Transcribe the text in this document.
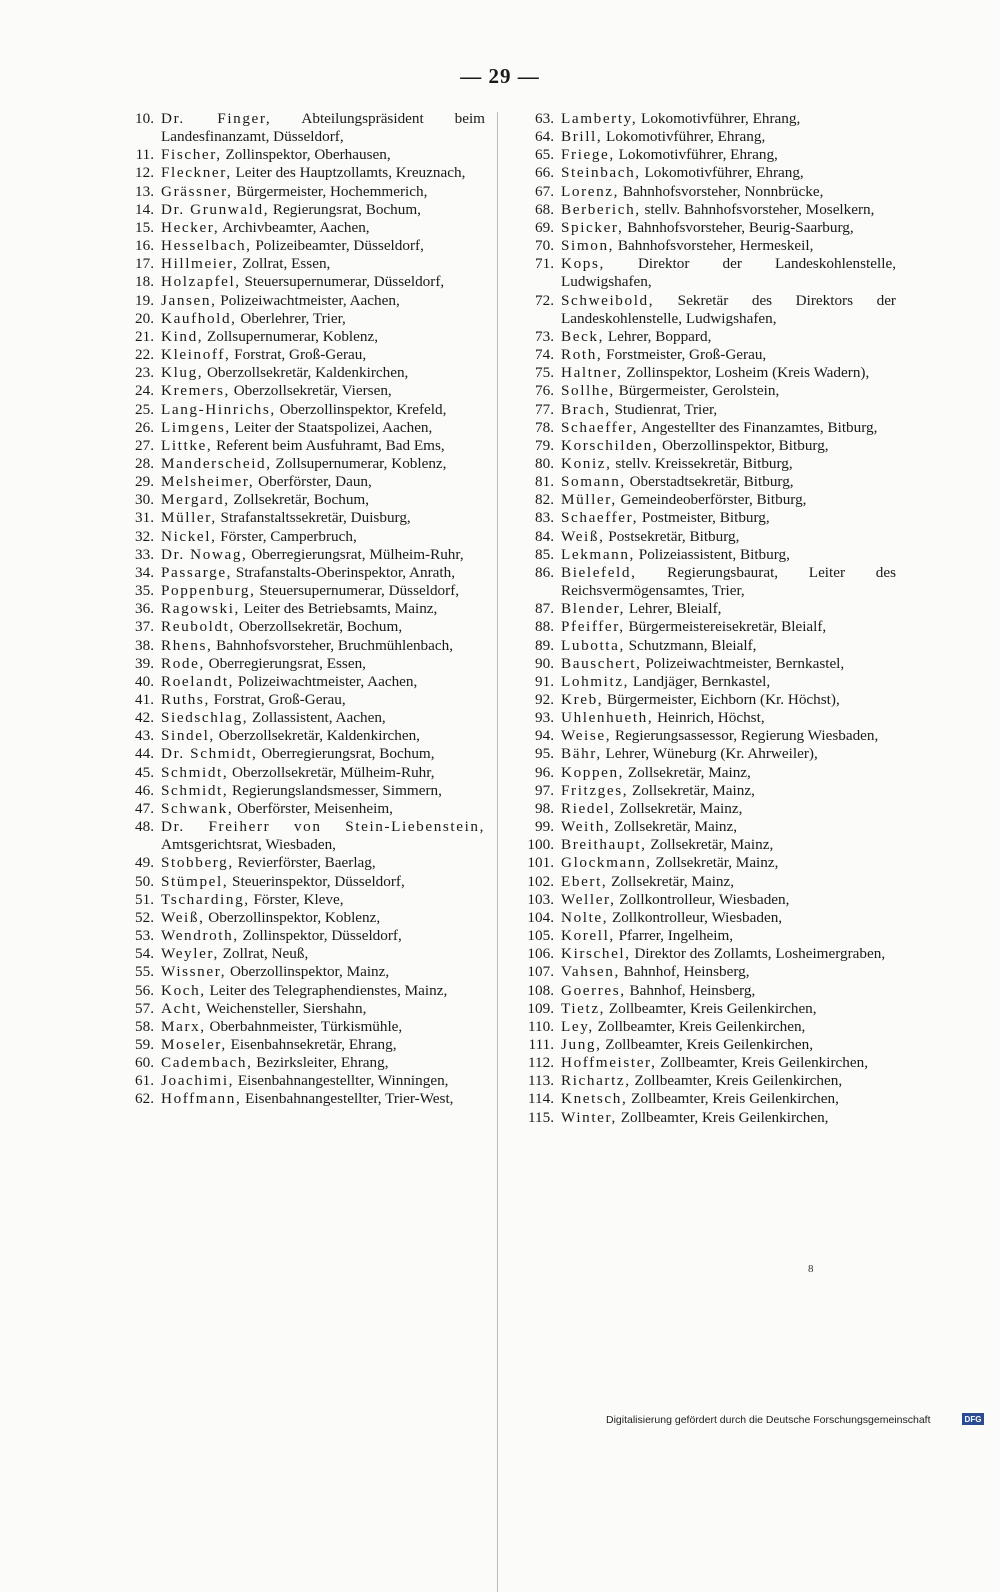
— 29 —
10. Dr. Finger, Abteilungspräsident beim Landesfinanzamt, Düsseldorf,
11. Fischer, Zollinspektor, Oberhausen,
12. Fleckner, Leiter des Hauptzollamts, Kreuznach,
13. Grässner, Bürgermeister, Hochemmerich,
14. Dr. Grunwald, Regierungsrat, Bochum,
15. Hecker, Archivbeamter, Aachen,
16. Hesselbach, Polizeibeamter, Düsseldorf,
17. Hillmeier, Zollrat, Essen,
18. Holzapfel, Steuersupernumerar, Düsseldorf,
19. Jansen, Polizeiwachtmeister, Aachen,
20. Kaufhold, Oberlehrer, Trier,
21. Kind, Zollsupernumerar, Koblenz,
22. Kleinoff, Forstrat, Groß-Gerau,
23. Klug, Oberzollsekretär, Kaldenkirchen,
24. Kremers, Oberzollsekretär, Viersen,
25. Lang-Hinrichs, Oberzollinspektor, Krefeld,
26. Limgens, Leiter der Staatspolizei, Aachen,
27. Littke, Referent beim Ausfuhramt, Bad Ems,
28. Manderscheid, Zollsupernumerar, Koblenz,
29. Melsheimer, Oberförster, Daun,
30. Mergard, Zollsekretär, Bochum,
31. Müller, Strafanstaltssekretär, Duisburg,
32. Nickel, Förster, Camperbruch,
33. Dr. Nowag, Oberregierungsrat, Mülheim-Ruhr,
34. Passarge, Strafanstalts-Oberinspektor, Anrath,
35. Poppenburg, Steuersupernumerar, Düsseldorf,
36. Ragowski, Leiter des Betriebsamts, Mainz,
37. Reuboldt, Oberzollsekretär, Bochum,
38. Rhens, Bahnhofsvorsteher, Bruchmühlenbach,
39. Rode, Oberregierungsrat, Essen,
40. Roelandt, Polizeiwachtmeister, Aachen,
41. Ruths, Forstrat, Groß-Gerau,
42. Siedschlag, Zollassistent, Aachen,
43. Sindel, Oberzollsekretär, Kaldenkirchen,
44. Dr. Schmidt, Oberregierungsrat, Bochum,
45. Schmidt, Oberzollsekretär, Mülheim-Ruhr,
46. Schmidt, Regierungslandsmesser, Simmern,
47. Schwank, Oberförster, Meisenheim,
48. Dr. Freiherr von Stein-Liebenstein, Amtsgerichtsrat, Wiesbaden,
49. Stobberg, Revierförster, Baerlag,
50. Stümpel, Steuerinspektor, Düsseldorf,
51. Tscharding, Förster, Kleve,
52. Weiß, Oberzollinspektor, Koblenz,
53. Wendroth, Zollinspektor, Düsseldorf,
54. Weyler, Zollrat, Neuß,
55. Wissner, Oberzollinspektor, Mainz,
56. Koch, Leiter des Telegraphendienstes, Mainz,
57. Acht, Weichensteller, Siershahn,
58. Marx, Oberbahnmeister, Türkismühle,
59. Moseler, Eisenbahnsekretär, Ehrang,
60. Cadembach, Bezirksleiter, Ehrang,
61. Joachimi, Eisenbahnangestellter, Winningen,
62. Hoffmann, Eisenbahnangestellter, Trier-West,
63. Lamberty, Lokomotivführer, Ehrang,
64. Brill, Lokomotivführer, Ehrang,
65. Friege, Lokomotivführer, Ehrang,
66. Steinbach, Lokomotivführer, Ehrang,
67. Lorenz, Bahnhofsvorsteher, Nonnbrücke,
68. Berberich, stellv. Bahnhofsvorsteher, Moselkern,
69. Spicker, Bahnhofsvorsteher, Beurig-Saarburg,
70. Simon, Bahnhofsvorsteher, Hermeskeil,
71. Kops, Direktor der Landeskohlenstelle, Ludwigshafen,
72. Schweibold, Sekretär des Direktors der Landeskohlenstelle, Ludwigshafen,
73. Beck, Lehrer, Boppard,
74. Roth, Forstmeister, Groß-Gerau,
75. Haltner, Zollinspektor, Losheim (Kreis Wadern),
76. Sollhe, Bürgermeister, Gerolstein,
77. Brach, Studienrat, Trier,
78. Schaeffer, Angestellter des Finanzamtes, Bitburg,
79. Korschilden, Oberzollinspektor, Bitburg,
80. Koniz, stellv. Kreissekretär, Bitburg,
81. Somann, Oberstadtsekretär, Bitburg,
82. Müller, Gemeindeoberförster, Bitburg,
83. Schaeffer, Postmeister, Bitburg,
84. Weiß, Postsekretär, Bitburg,
85. Lekmann, Polizeiassistent, Bitburg,
86. Bielefeld, Regierungsbaurat, Leiter des Reichsvermögensamtes, Trier,
87. Blender, Lehrer, Bleialf,
88. Pfeiffer, Bürgermeistereisekretär, Bleialf,
89. Lubotta, Schutzmann, Bleialf,
90. Bauschert, Polizeiwachtmeister, Bernkastel,
91. Lohmitz, Landjäger, Bernkastel,
92. Kreb, Bürgermeister, Eichborn (Kr. Höchst),
93. Uhlenhueth, Heinrich, Höchst,
94. Weise, Regierungsassessor, Regierung Wiesbaden,
95. Bähr, Lehrer, Wüneburg (Kr. Ahrweiler),
96. Koppen, Zollsekretär, Mainz,
97. Fritzges, Zollsekretär, Mainz,
98. Riedel, Zollsekretär, Mainz,
99. Weith, Zollsekretär, Mainz,
100. Breithaupt, Zollsekretär, Mainz,
101. Glockmann, Zollsekretär, Mainz,
102. Ebert, Zollsekretär, Mainz,
103. Weller, Zollkontrolleur, Wiesbaden,
104. Nolte, Zollkontrolleur, Wiesbaden,
105. Korell, Pfarrer, Ingelheim,
106. Kirschel, Direktor des Zollamts, Losheimergraben,
107. Vahsen, Bahnhof, Heinsberg,
108. Goerres, Bahnhof, Heinsberg,
109. Tietz, Zollbeamter, Kreis Geilenkirchen,
110. Ley, Zollbeamter, Kreis Geilenkirchen,
111. Jung, Zollbeamter, Kreis Geilenkirchen,
112. Hoffmeister, Zollbeamter, Kreis Geilenkirchen,
113. Richartz, Zollbeamter, Kreis Geilenkirchen,
114. Knetsch, Zollbeamter, Kreis Geilenkirchen,
115. Winter, Zollbeamter, Kreis Geilenkirchen,
8
Digitalisierung gefördert durch die Deutsche Forschungsgemeinschaft	DFG
